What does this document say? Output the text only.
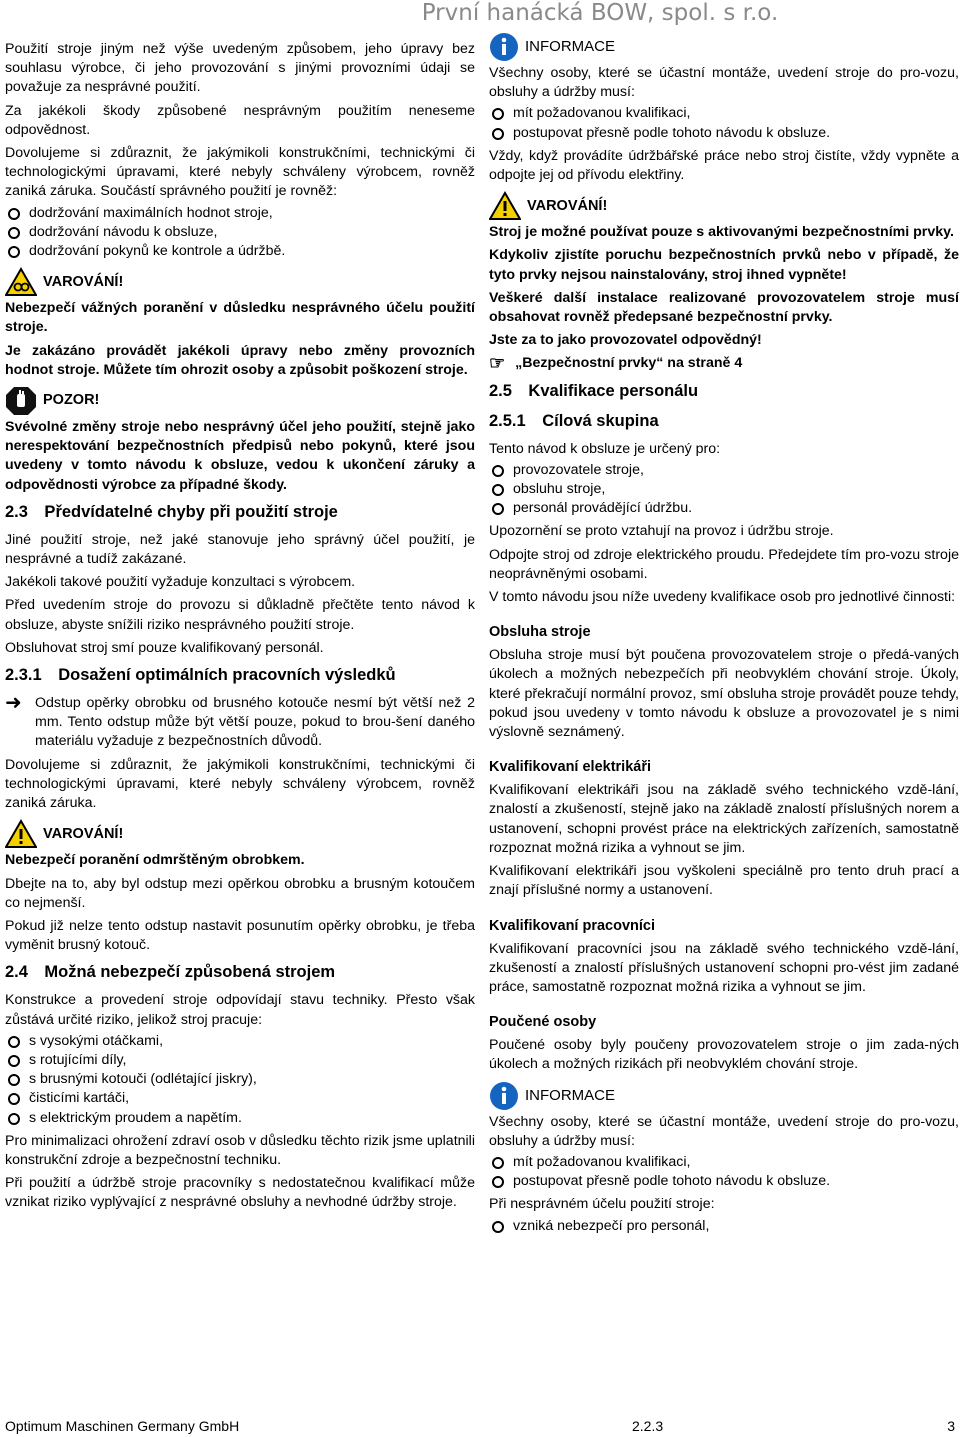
První hanácká BOW, spol. s r.o.

Použití stroje jiným než výše uvedeným způsobem, jeho úpravy bez souhlasu výrobce, či jeho provozování s jinými provozními údaji se považuje za nesprávné použití.

Za jakékoli škody způsobené nesprávným použitím neneseme odpovědnost.

Dovolujeme si zdůraznit, že jakýmikoli konstrukčními, technickými či technologickými úpravami, které nebyly schváleny výrobcem, rovněž zaniká záruka. Součástí správného použití je rovněž:

dodržování maximálních hodnot stroje,
dodržování návodu k obsluze,
dodržování pokynů ke kontrole a údržbě.
VAROVÁNÍ!

Nebezpečí vážných poranění v důsledku nesprávného účelu použití stroje.

Je zakázáno provádět jakékoli úpravy nebo změny provozních hodnot stroje. Můžete tím ohrozit osoby a způsobit poškození stroje.

POZOR!

Svévolné změny stroje nebo nesprávný účel jeho použití, stejně jako nerespektování bezpečnostních předpisů nebo pokynů, které jsou uvedeny v tomto návodu k obsluze, vedou k ukončení záruky a odpovědnosti výrobce za případné škody.

2.3 Předvídatelné chyby při použití stroje

Jiné použití stroje, než jaké stanovuje jeho správný účel použití, je nesprávné a tudíž zakázané.

Jakékoli takové použití vyžaduje konzultaci s výrobcem.

Před uvedením stroje do provozu si důkladně přečtěte tento návod k obsluze, abyste snížili riziko nesprávného použití stroje.

Obsluhovat stroj smí pouze kvalifikovaný personál.

2.3.1 Dosažení optimálních pracovních výsledků

➜ Odstup opěrky obrobku od brusného kotouče nesmí být větší než 2 mm. Tento odstup může být větší pouze, pokud to brou-šení daného materiálu vyžaduje z bezpečnostních důvodů.

Dovolujeme si zdůraznit, že jakýmikoli konstrukčními, technickými či technologickými úpravami, které nebyly schváleny výrobcem, rovněž zaniká záruka.

VAROVÁNÍ!

Nebezpečí poranění odmrštěným obrobkem.

Dbejte na to, aby byl odstup mezi opěrkou obrobku a brusným kotoučem co nejmenší.

Pokud již nelze tento odstup nastavit posunutím opěrky obrobku, je třeba vyměnit brusný kotouč.

2.4 Možná nebezpečí způsobená strojem

Konstrukce a provedení stroje odpovídají stavu techniky. Přesto však zůstává určité riziko, jelikož stroj pracuje:

s vysokými otáčkami,
s rotujícími díly,
s brusnými kotouči (odlétající jiskry),
čisticími kartáči,
s elektrickým proudem a napětím.

Pro minimalizaci ohrožení zdraví osob v důsledku těchto rizik jsme uplatnili konstrukční zdroje a bezpečnostní techniku.

Při použití a údržbě stroje pracovníky s nedostatečnou kvalifikací může vznikat riziko vyplývající z nesprávné obsluhy a nevhodné údržby stroje.

INFORMACE

Všechny osoby, které se účastní montáže, uvedení stroje do pro-vozu, obsluhy a údržby musí:

mít požadovanou kvalifikaci,
postupovat přesně podle tohoto návodu k obsluze.

Vždy, když provádíte údržbářské práce nebo stroj čistíte, vždy vypněte a odpojte jej od přívodu elektřiny.

VAROVÁNÍ!

Stroj je možné používat pouze s aktivovanými bezpečnostními prvky.

Kdykoliv zjistíte poruchu bezpečnostních prvků nebo v případě, že tyto prvky nejsou nainstalovány, stroj ihned vypněte!

Veškeré další instalace realizované provozovatelem stroje musí obsahovat rovněž předepsané bezpečnostní prvky.

Jste za to jako provozovatel odpovědný!

☞ „Bezpečnostní prvky“ na straně 4
2.5 Kvalifikace personálu
2.5.1 Cílová skupina

Tento návod k obsluze je určený pro:

provozovatele stroje,
obsluhu stroje,
personál provádějící údržbu.

Upozornění se proto vztahují na provoz i údržbu stroje.

Odpojte stroj od zdroje elektrického proudu. Předejdete tím pro-vozu stroje neoprávněnými osobami.

V tomto návodu jsou níže uvedeny kvalifikace osob pro jednotlivé činnosti:

Obsluha stroje

Obsluha stroje musí být poučena provozovatelem stroje o předá-vaných úkolech a možných nebezpečích při neobvyklém chování stroje. Úkoly, které překračují normální provoz, smí obsluha stroje provádět pouze tehdy, pokud jsou uvedeny v tomto návodu k obsluze a provozovatel je s nimi výslovně seznámený.

Kvalifikovaní elektrikáři

Kvalifikovaní elektrikáři jsou na základě svého technického vzdě-lání, znalostí a zkušeností, stejně jako na základě znalostí příslušných norem a ustanovení, schopni provést práce na elektrických zařízeních, samostatně rozpoznat možná rizika a vyhnout se jim.

Kvalifikovaní elektrikáři jsou vyškoleni speciálně pro tento druh prací a znají příslušné normy a ustanovení.

Kvalifikovaní pracovníci

Kvalifikovaní pracovníci jsou na základě svého technického vzdě-lání, zkušeností a znalostí příslušných ustanovení schopni pro-vést jim zadané práce, samostatně rozpoznat možná rizika a vyhnout se jim.

Poučené osoby

Poučené osoby byly poučeny provozovatelem stroje o jim zada-ných úkolech a možných rizikách při neobvyklém chování stroje.

INFORMACE

Všechny osoby, které se účastní montáže, uvedení stroje do pro-vozu, obsluhy a údržby musí:

mít požadovanou kvalifikaci,
postupovat přesně podle tohoto návodu k obsluze.

Při nesprávném účelu použití stroje:

vzniká nebezpečí pro personál,
Optimum Maschinen Germany GmbH	2.2.3	3
